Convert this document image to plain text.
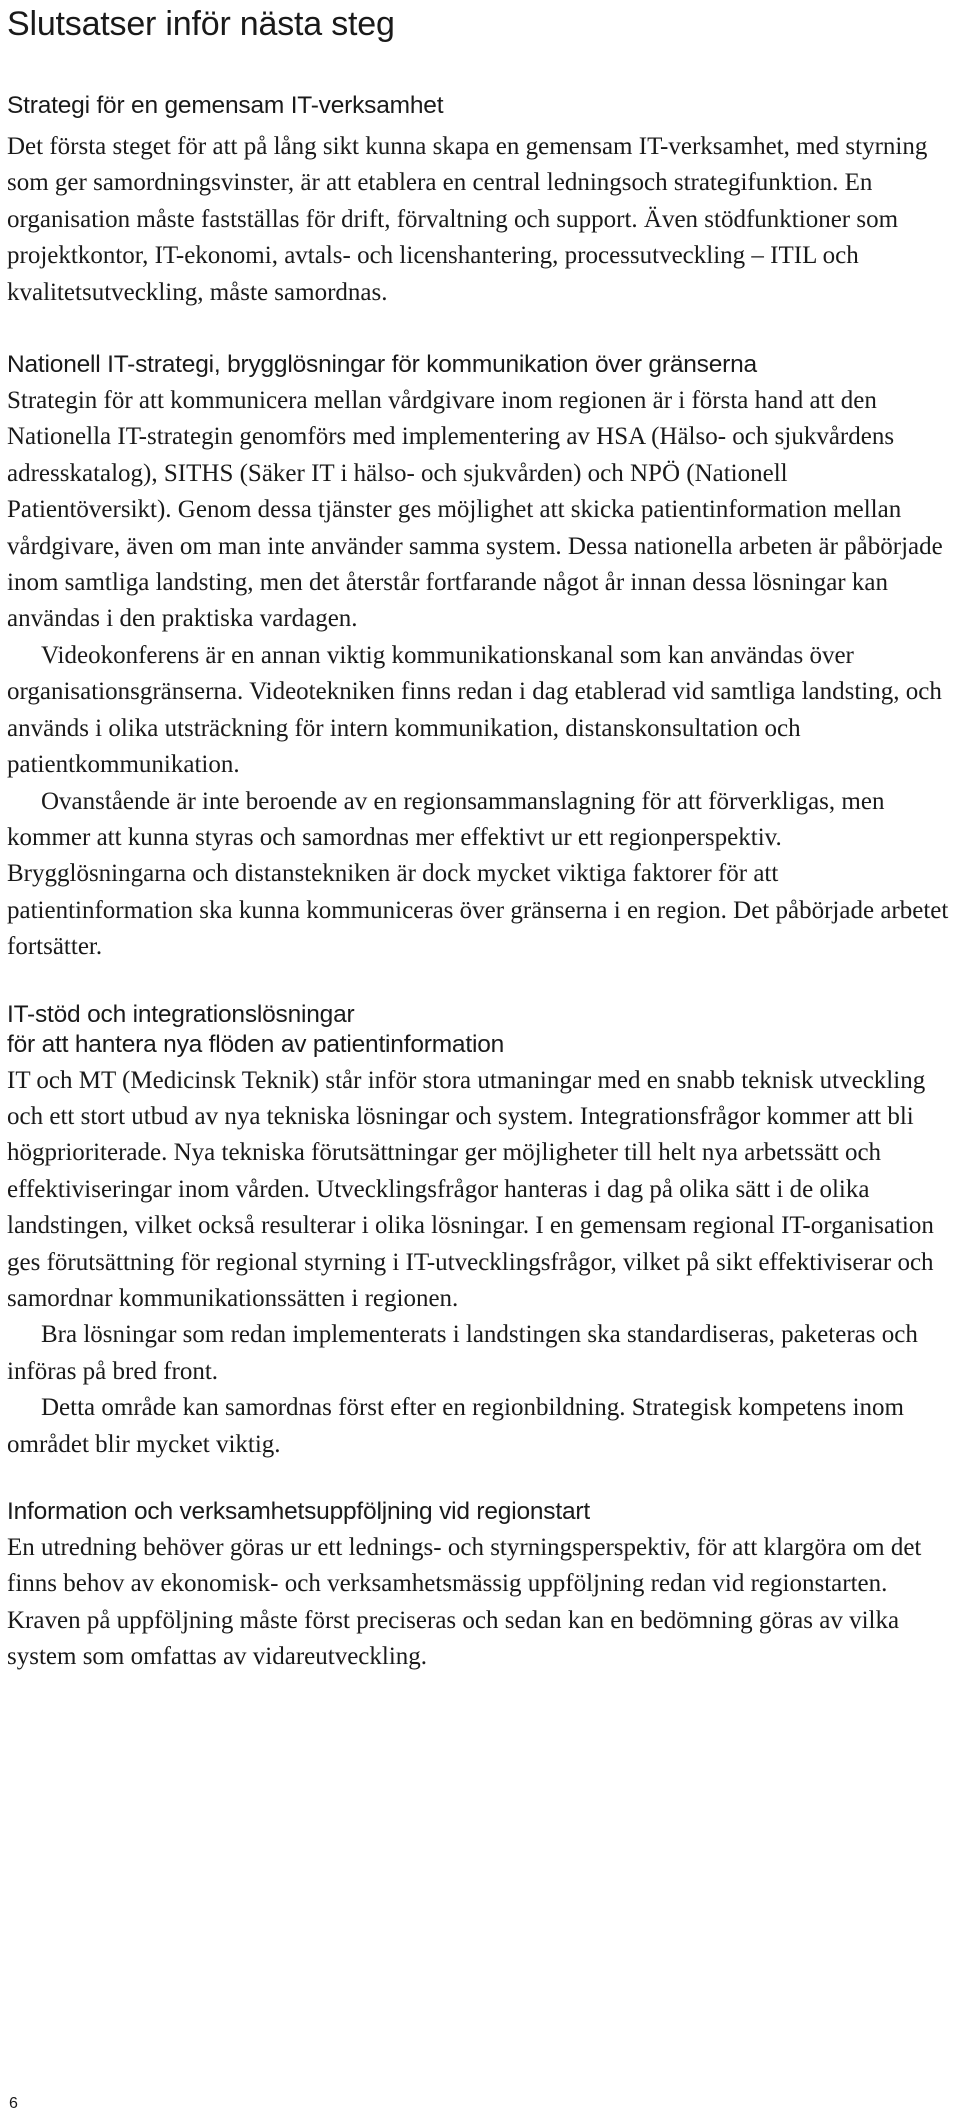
Slutsatser inför nästa steg
Strategi för en gemensam IT-verksamhet

Det första steget för att på lång sikt kunna skapa en gemensam IT-verksamhet, med styrning som ger samordningsvinster, är att etablera en central ledningsoch strategifunktion. En organisation måste fastställas för drift, förvaltning och support. Även stödfunktioner som projektkontor, IT-ekonomi, avtals- och licenshantering, processutveckling – ITIL och kvalitetsutveckling, måste samordnas.

Nationell IT-strategi, brygglösningar för kommunikation över gränserna

Strategin för att kommunicera mellan vårdgivare inom regionen är i första hand att den Nationella IT-strategin genomförs med implementering av HSA (Hälso- och sjukvårdens adresskatalog), SITHS (Säker IT i hälso- och sjukvården) och NPÖ (Nationell Patientöversikt). Genom dessa tjänster ges möjlighet att skicka patientinformation mellan vårdgivare, även om man inte använder samma system. Dessa nationella arbeten är påbörjade inom samtliga landsting, men det återstår fortfarande något år innan dessa lösningar kan användas i den praktiska vardagen.

Videokonferens är en annan viktig kommunikationskanal som kan användas över organisationsgränserna. Videotekniken finns redan i dag etablerad vid samtliga landsting, och används i olika utsträckning för intern kommunikation, distanskonsultation och patientkommunikation.

Ovanstående är inte beroende av en regionsammanslagning för att förverkligas, men kommer att kunna styras och samordnas mer effektivt ur ett regionperspektiv. Brygglösningarna och distanstekniken är dock mycket viktiga faktorer för att patientinformation ska kunna kommuniceras över gränserna i en region. Det påbörjade arbetet fortsätter.

IT-stöd och integrationslösningar
för att hantera nya flöden av patientinformation

IT och MT (Medicinsk Teknik) står inför stora utmaningar med en snabb teknisk utveckling och ett stort utbud av nya tekniska lösningar och system. Integrationsfrågor kommer att bli högprioriterade. Nya tekniska förutsättningar ger möjligheter till helt nya arbetssätt och effektiviseringar inom vården. Utvecklingsfrågor hanteras i dag på olika sätt i de olika landstingen, vilket också resulterar i olika lösningar. I en gemensam regional IT-organisation ges förutsättning för regional styrning i IT-utvecklingsfrågor, vilket på sikt effektiviserar och samordnar kommunikationssätten i regionen.

Bra lösningar som redan implementerats i landstingen ska standardiseras, paketeras och införas på bred front.

Detta område kan samordnas först efter en regionbildning. Strategisk kompetens inom området blir mycket viktig.

Information och verksamhetsuppföljning vid regionstart

En utredning behöver göras ur ett lednings- och styrningsperspektiv, för att klargöra om det finns behov av ekonomisk- och verksamhetsmässig uppföljning redan vid regionstarten. Kraven på uppföljning måste först preciseras och sedan kan en bedömning göras av vilka system som omfattas av vidareutveckling.

6
